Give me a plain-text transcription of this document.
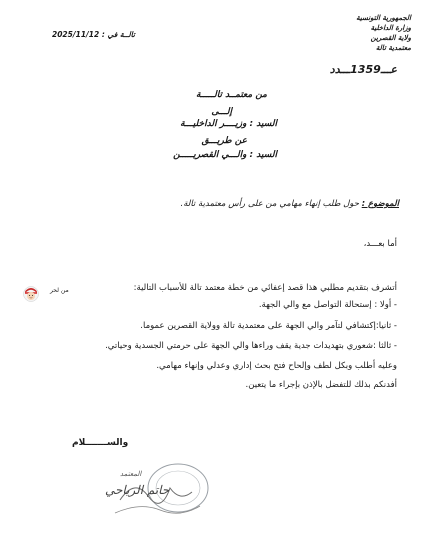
الجمهورية التونسية
وزارة الداخلية
ولاية القصرين
معتمدية تالة
عـــ1359ـــدد
تالــة في : 2025/11/12
من معتمــد تالـــــة
إلـــى
السيد : وزيــــر الداخليـــة
عن طريـــق
السيد : والـــي القصريـــــن
الموضوع : حول طلب إنهاء مهامي من على رأس معتمدية تالة.
أما بعـــد،
أتشرف بتقديم مطلبي هذا قصد إعفائي من خطة معتمد تالة للأسباب التالية:
- أولا : إستحالة التواصل مع والي الجهة.
- ثانيا:إكتشافي لتآمر والي الجهة على معتمدية تالة وولاية القصرين عموما.
- ثالثا :شعوري بتهديدات جدية يقف وراءها والي الجهة على حرمتي الجسدية وحياتي.
وعليه أطلب وبكل لطف وإلحاح فتح بحث إداري وعدلي وإنهاء مهامي.
أفدنكم بذلك للتفضل بالإذن بإجراء ما يتعين.
والســـــــلام
من لحر
المعتمد
حاتم الرياحي
